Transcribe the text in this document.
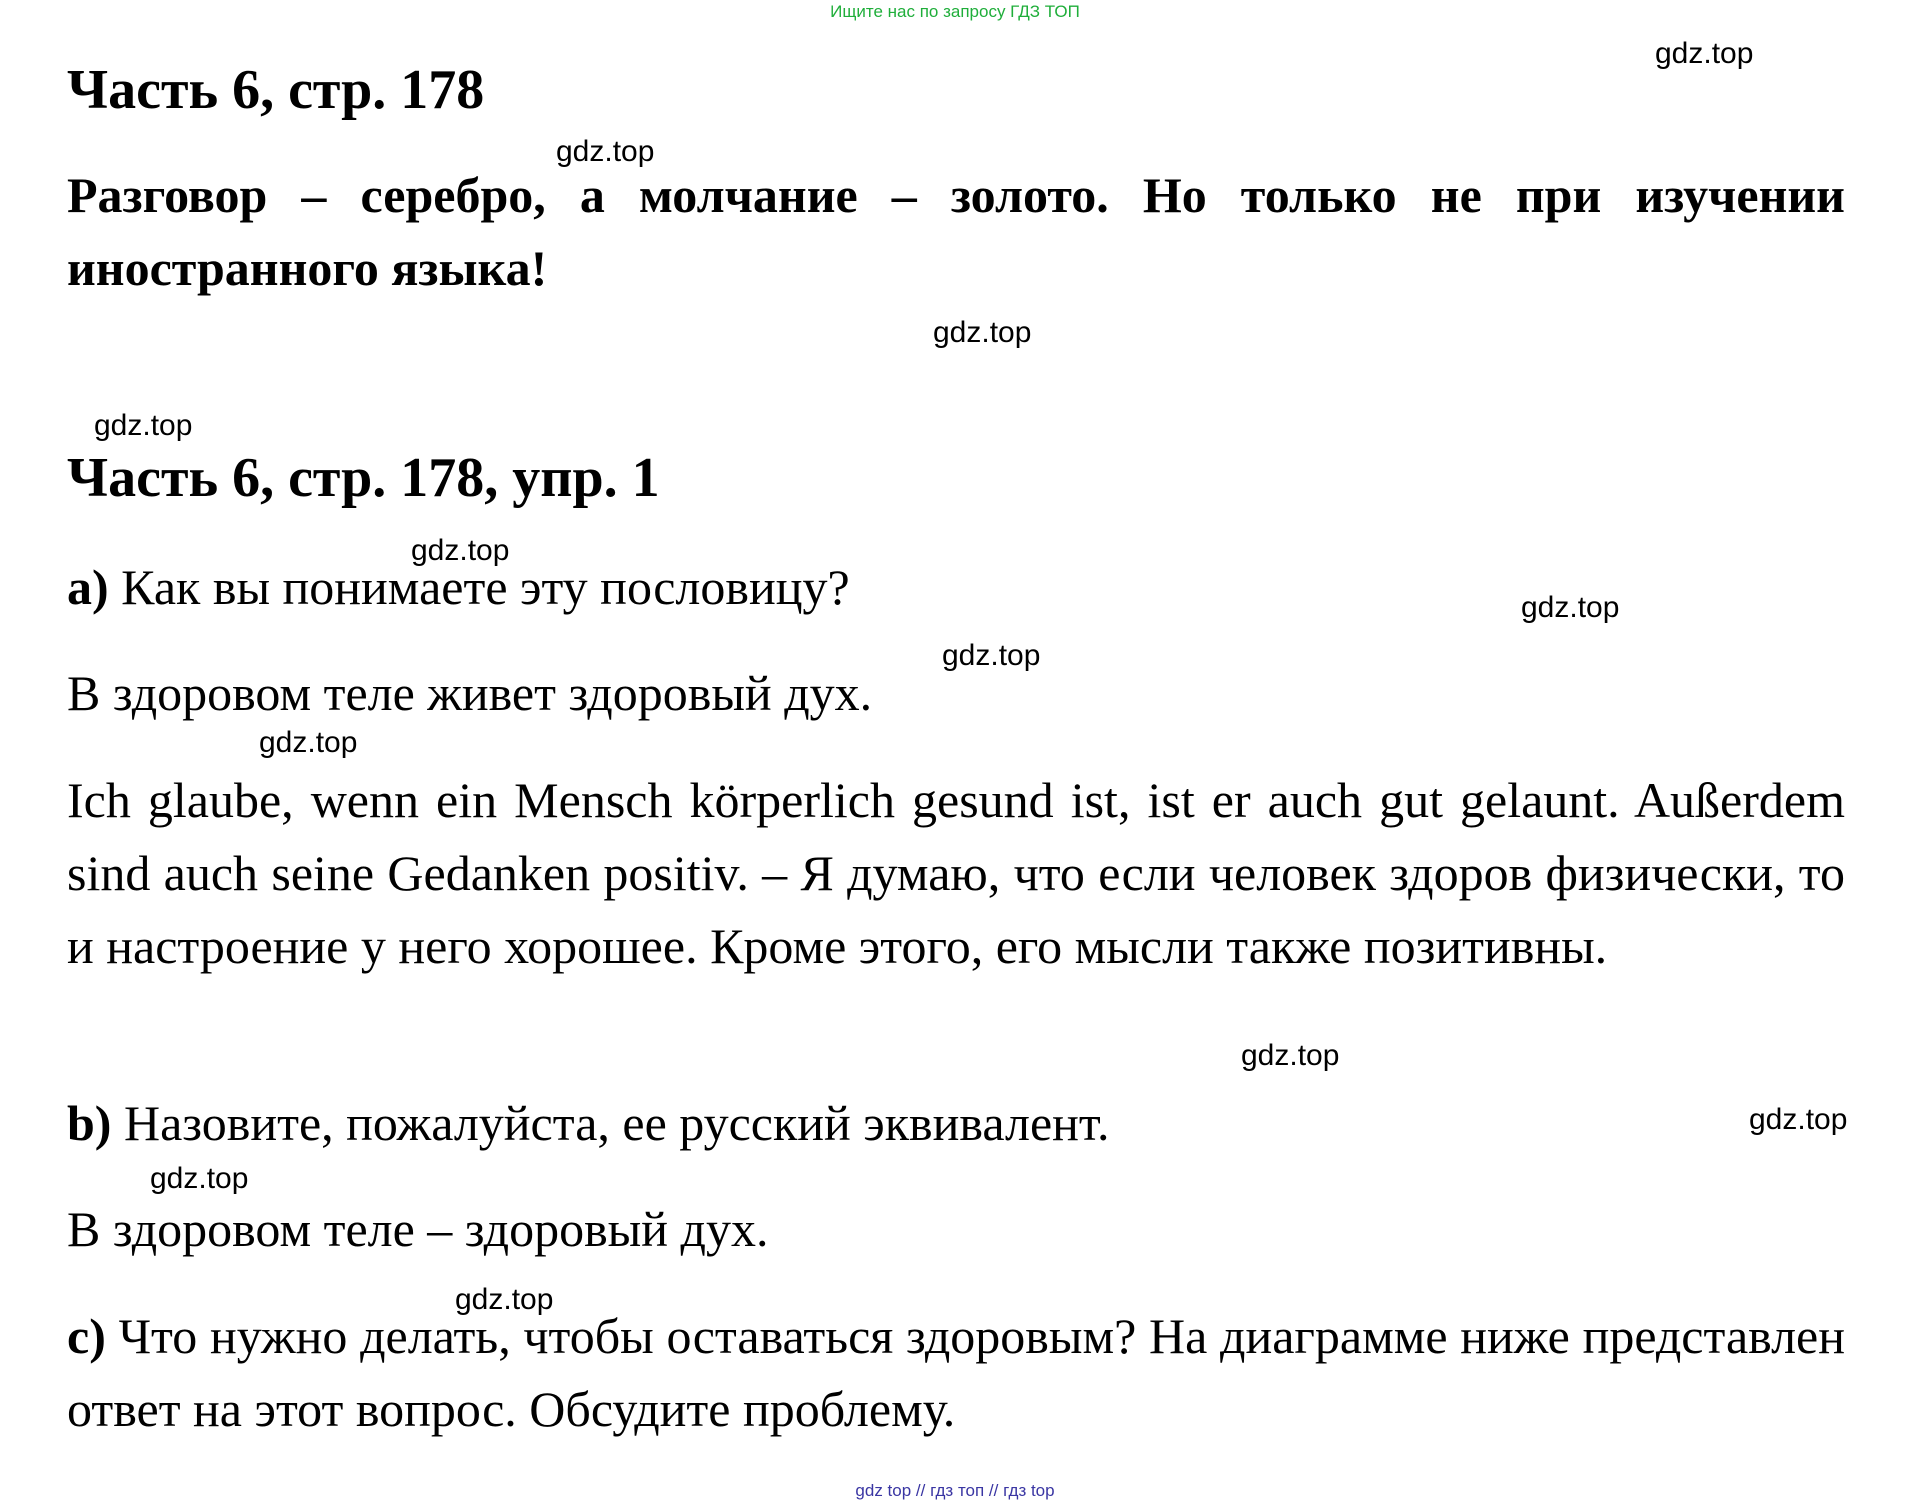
Ищите нас по запросу ГДЗ ТОП
Часть 6, стр. 178
Разговор – серебро, а молчание – золото. Но только не при изучении иностранного языка!
Часть 6, стр. 178, упр. 1
a) Как вы понимаете эту пословицу?
В здоровом теле живет здоровый дух.
Ich glaube, wenn ein Mensch körperlich gesund ist, ist er auch gut gelaunt. Außerdem sind auch seine Gedanken positiv. – Я думаю, что если человек здоров физически, то и настроение у него хорошее. Кроме этого, его мысли также позитивны.
b) Назовите, пожалуйста, ее русский эквивалент.
В здоровом теле – здоровый дух.
c) Что нужно делать, чтобы оставаться здоровым? На диаграмме ниже представлен ответ на этот вопрос. Обсудите проблему.
gdz.top
gdz.top
gdz.top
gdz.top
gdz.top
gdz.top
gdz.top
gdz.top
gdz.top
gdz.top
gdz.top
gdz.top
gdz top // гдз топ // гдз top
